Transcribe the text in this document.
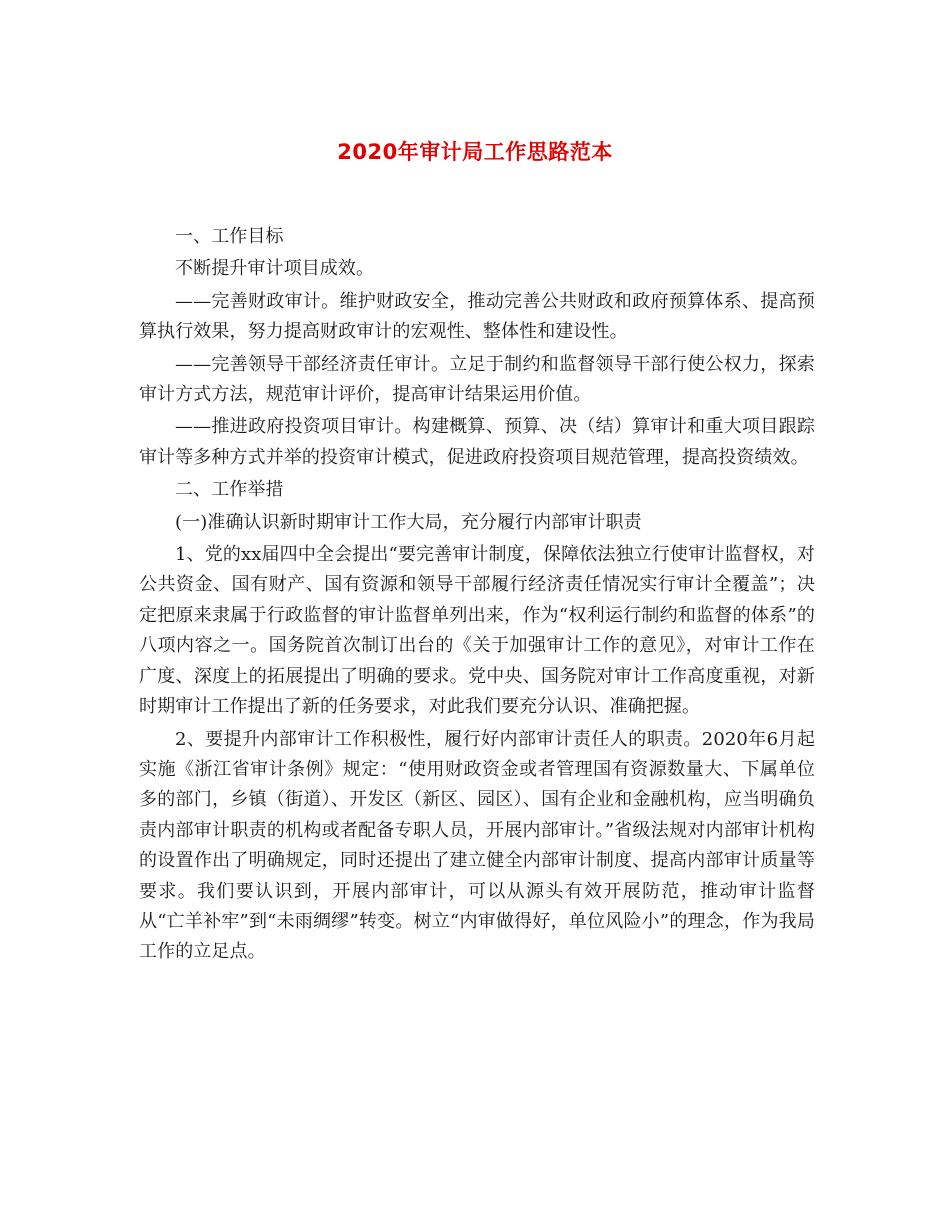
2020年审计局工作思路范本

一、工作目标

不断提升审计项目成效。

——完善财政审计。维护财政安全，推动完善公共财政和政府预算体系、提高预算执行效果，努力提高财政审计的宏观性、整体性和建设性。

——完善领导干部经济责任审计。立足于制约和监督领导干部行使公权力，探索审计方式方法，规范审计评价，提高审计结果运用价值。

——推进政府投资项目审计。构建概算、预算、决（结）算审计和重大项目跟踪审计等多种方式并举的投资审计模式，促进政府投资项目规范管理，提高投资绩效。

二、工作举措

(一)准确认识新时期审计工作大局，充分履行内部审计职责

1、党的xx届四中全会提出“要完善审计制度，保障依法独立行使审计监督权，对公共资金、国有财产、国有资源和领导干部履行经济责任情况实行审计全覆盖”；决定把原来隶属于行政监督的审计监督单列出来，作为“权利运行制约和监督的体系”的八项内容之一。国务院首次制订出台的《关于加强审计工作的意见》，对审计工作在广度、深度上的拓展提出了明确的要求。党中央、国务院对审计工作高度重视，对新时期审计工作提出了新的任务要求，对此我们要充分认识、准确把握。

2、要提升内部审计工作积极性，履行好内部审计责任人的职责。2020年6月起实施《浙江省审计条例》规定：“使用财政资金或者管理国有资源数量大、下属单位多的部门，乡镇（街道）、开发区（新区、园区）、国有企业和金融机构，应当明确负责内部审计职责的机构或者配备专职人员，开展内部审计。”省级法规对内部审计机构的设置作出了明确规定，同时还提出了建立健全内部审计制度、提高内部审计质量等要求。我们要认识到，开展内部审计，可以从源头有效开展防范，推动审计监督从“亡羊补牢”到“未雨绸缪”转变。树立“内审做得好，单位风险小”的理念，作为我局工作的立足点。
